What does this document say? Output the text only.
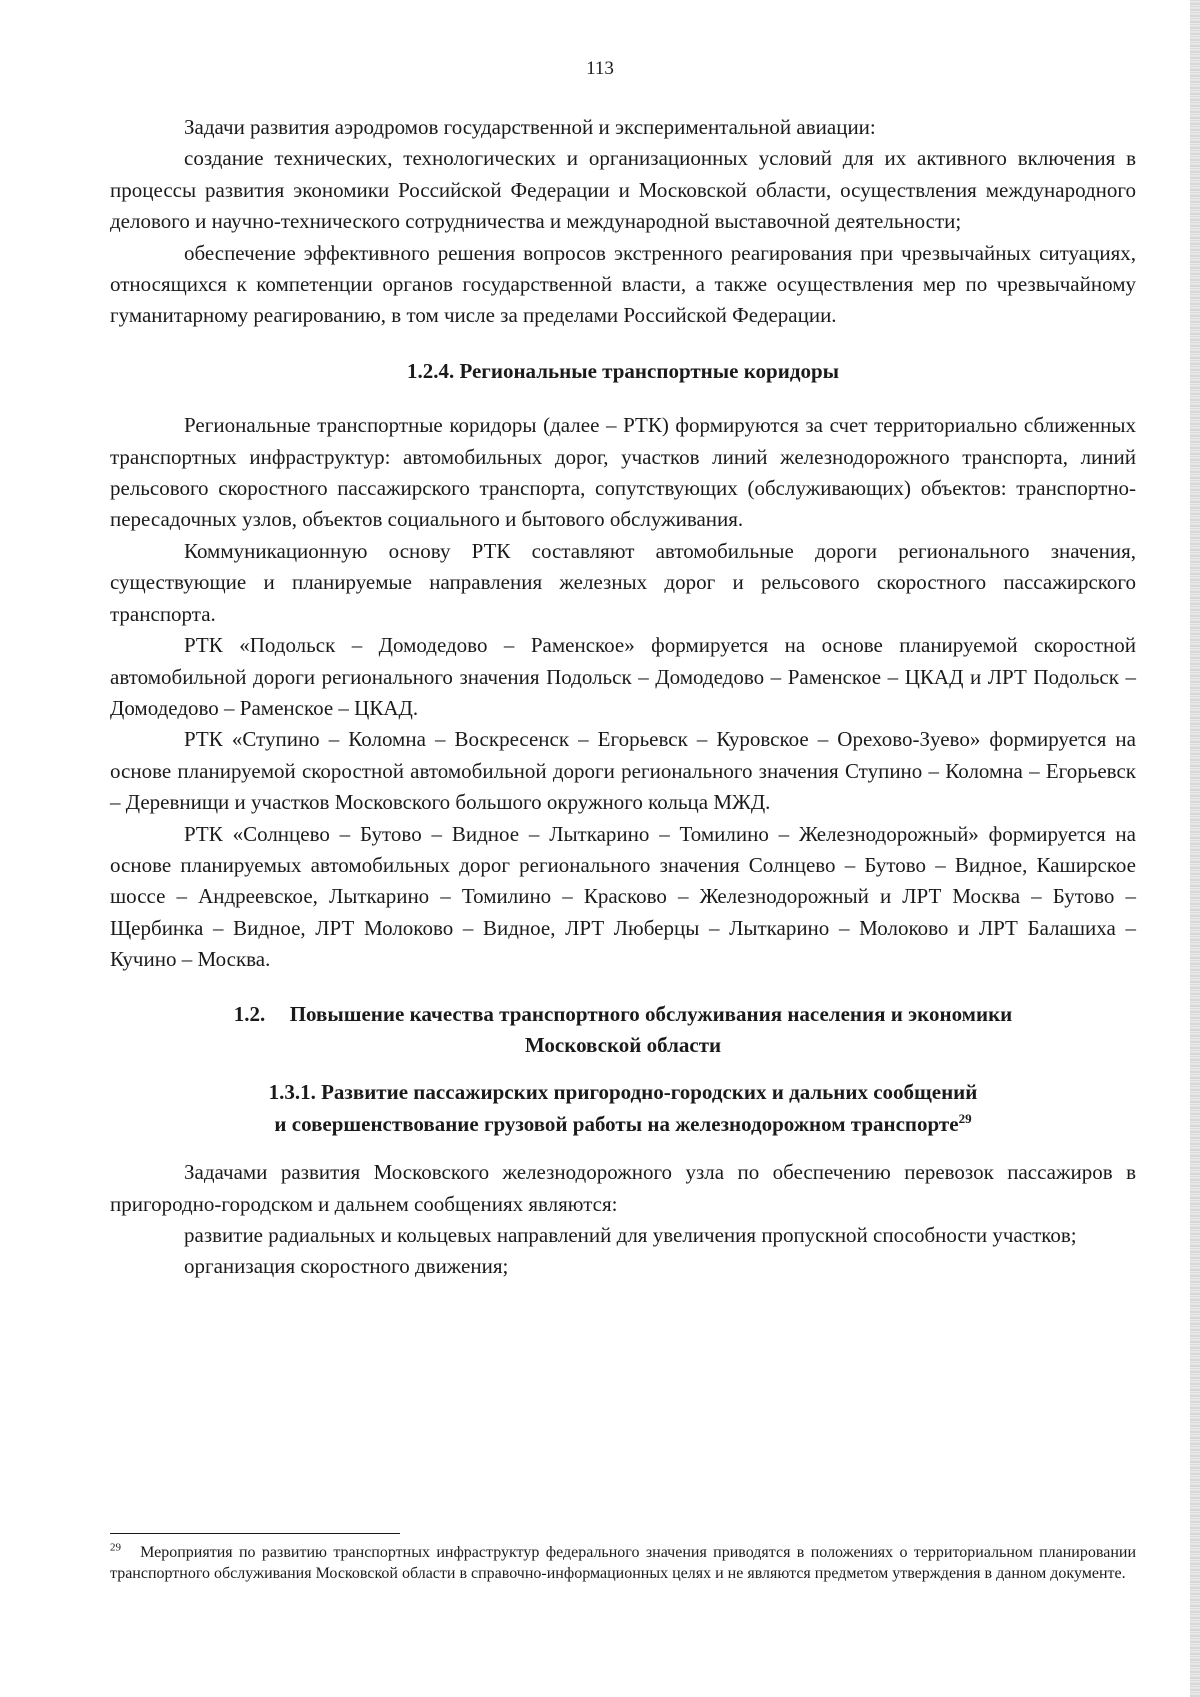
113

Задачи развития аэродромов государственной и экспериментальной авиации:

создание технических, технологических и организационных условий для их активного включения в процессы развития экономики Российской Федерации и Московской области, осуществления международного делового и научно-технического сотрудничества и международной выставочной деятельности;

обеспечение эффективного решения вопросов экстренного реагирования при чрезвычайных ситуациях, относящихся к компетенции органов государственной власти, а также осуществления мер по чрезвычайному гуманитарному реагированию, в том числе за пределами Российской Федерации.

1.2.4. Региональные транспортные коридоры

Региональные транспортные коридоры (далее – РТК) формируются за счет территориально сближенных транспортных инфраструктур: автомобильных дорог, участков линий железнодорожного транспорта, линий рельсового скоростного пассажирского транспорта, сопутствующих (обслуживающих) объектов: транспортно-пересадочных узлов, объектов социального и бытового обслуживания.

Коммуникационную основу РТК составляют автомобильные дороги регионального значения, существующие и планируемые направления железных дорог и рельсового скоростного пассажирского транспорта.

РТК «Подольск – Домодедово – Раменское» формируется на основе планируемой скоростной автомобильной дороги регионального значения Подольск – Домодедово – Раменское – ЦКАД и ЛРТ Подольск – Домодедово – Раменское – ЦКАД.

РТК «Ступино – Коломна – Воскресенск – Егорьевск – Куровское – Орехово-Зуево» формируется на основе планируемой скоростной автомобильной дороги регионального значения Ступино – Коломна – Егорьевск – Деревнищи и участков Московского большого окружного кольца МЖД.

РТК «Солнцево – Бутово – Видное – Лыткарино – Томилино – Железнодорожный» формируется на основе планируемых автомобильных дорог регионального значения Солнцево – Бутово – Видное, Каширское шоссе – Андреевское, Лыткарино – Томилино – Красково – Железнодорожный и ЛРТ Москва – Бутово – Щербинка – Видное, ЛРТ Молоково – Видное, ЛРТ Люберцы – Лыткарино – Молоково и ЛРТ Балашиха – Кучино – Москва.

1.2. Повышение качества транспортного обслуживания населения и экономики
Московской области
1.3.1. Развитие пассажирских пригородно-городских и дальних сообщений
и совершенствование грузовой работы на железнодорожном транспорте$^{29}$

Задачами развития Московского железнодорожного узла по обеспечению перевозок пассажиров в пригородно-городском и дальнем сообщениях являются:

развитие радиальных и кольцевых направлений для увеличения пропускной способности участков;

организация скоростного движения;

$^{29}$ Мероприятия по развитию транспортных инфраструктур федерального значения приводятся в положениях о территориальном планировании транспортного обслуживания Московской области в справочно-информационных целях и не являются предметом утверждения в данном документе.
